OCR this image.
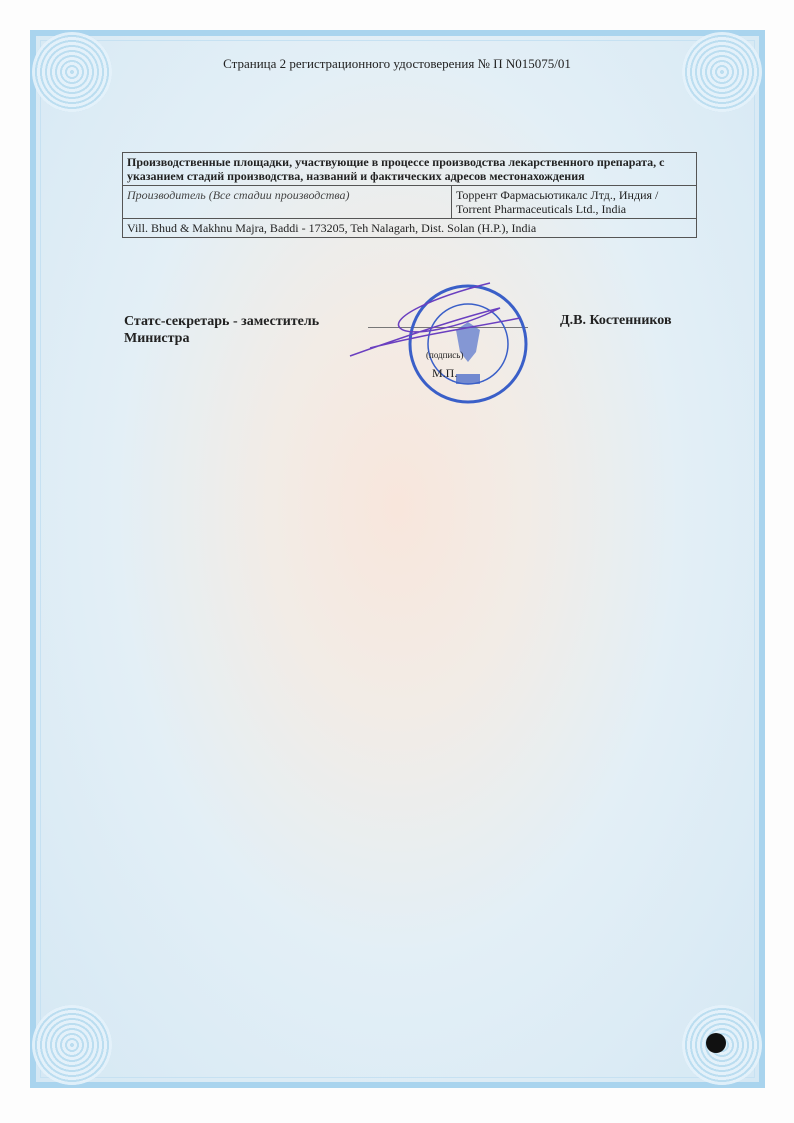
Страница 2 регистрационного удостоверения № П N015075/01
Производственные площадки, участвующие в процессе производства лекарственного препарата, с указанием стадий производства, названий и фактических адресов местонахождения
Производитель (Все стадии производства)	Торрент Фармасьютикалс Лтд., Индия / Torrent Pharmaceuticals Ltd., India
Vill. Bhud & Makhnu Majra, Baddi - 173205, Teh Nalagarh, Dist. Solan (H.P.), India
Статс-секретарь - заместитель
Министра
Д.В. Костенников
(подпись)
М.П.
